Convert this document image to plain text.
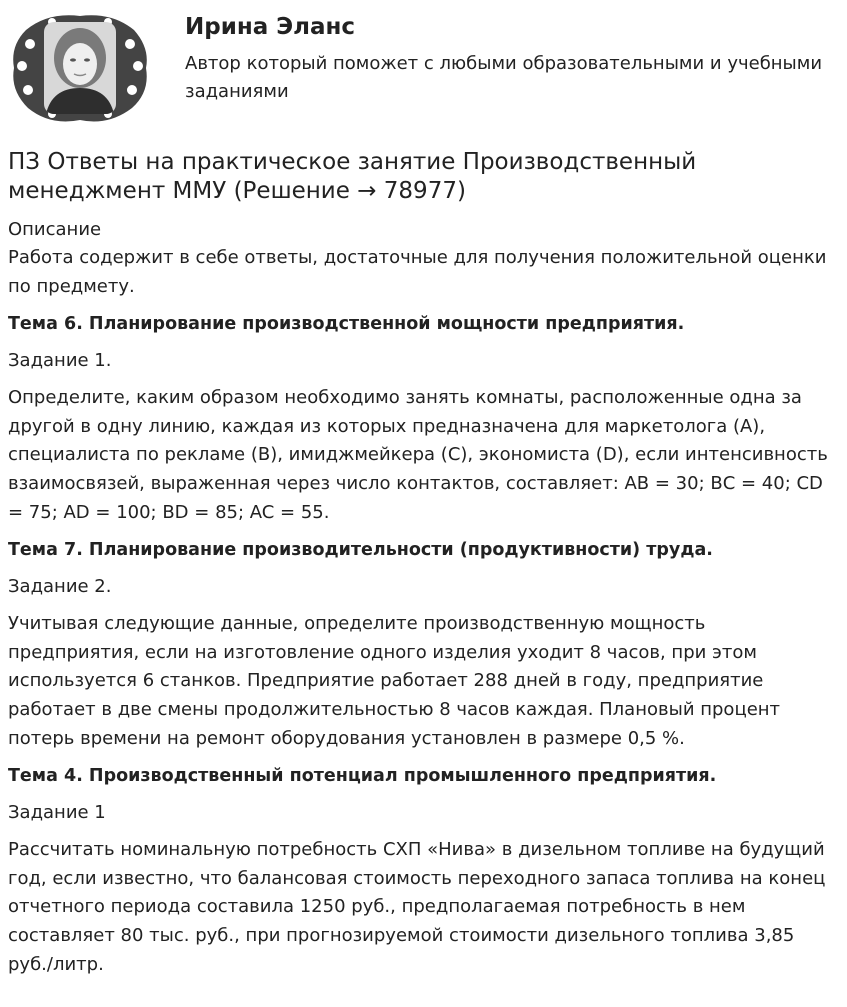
Ирина Эланс
Автор который поможет с любыми образовательными и учебными заданиями
ПЗ Ответы на практическое занятие Производственный менеджмент ММУ (Решение → 78977)

Описание

Работа содержит в себе ответы, достаточные для получения положительной оценки по предмету.

Тема 6. Планирование производственной мощности предприятия.

Задание 1.

Определите, каким образом необходимо занять комнаты, расположенные одна за другой в одну линию, каждая из которых предназначена для маркетолога (А), специалиста по рекламе (В), имиджмейкера (С), экономиста (D), если интенсивность взаимосвязей, выраженная через число контактов, составляет: АВ = 30; ВС = 40; CD = 75; AD = 100; BD = 85; AC = 55.

Тема 7. Планирование производительности (продуктивности) труда.

Задание 2.

Учитывая следующие данные, определите производственную мощность предприятия, если на изготовление одного изделия уходит 8 часов, при этом используется 6 станков. Предприятие работает 288 дней в году, предприятие работает в две смены продолжительностью 8 часов каждая. Плановый процент потерь времени на ремонт оборудования установлен в размере 0,5 %.

Тема 4. Производственный потенциал промышленного предприятия.

Задание 1

Рассчитать номинальную потребность СХП «Нива» в дизельном топливе на будущий год, если известно, что балансовая стоимость переходного запаса топлива на конец отчетного периода составила 1250 руб., предполагаемая потребность в нем составляет 80 тыс. руб., при прогнозируемой стоимости дизельного топлива 3,85 руб./литр.
